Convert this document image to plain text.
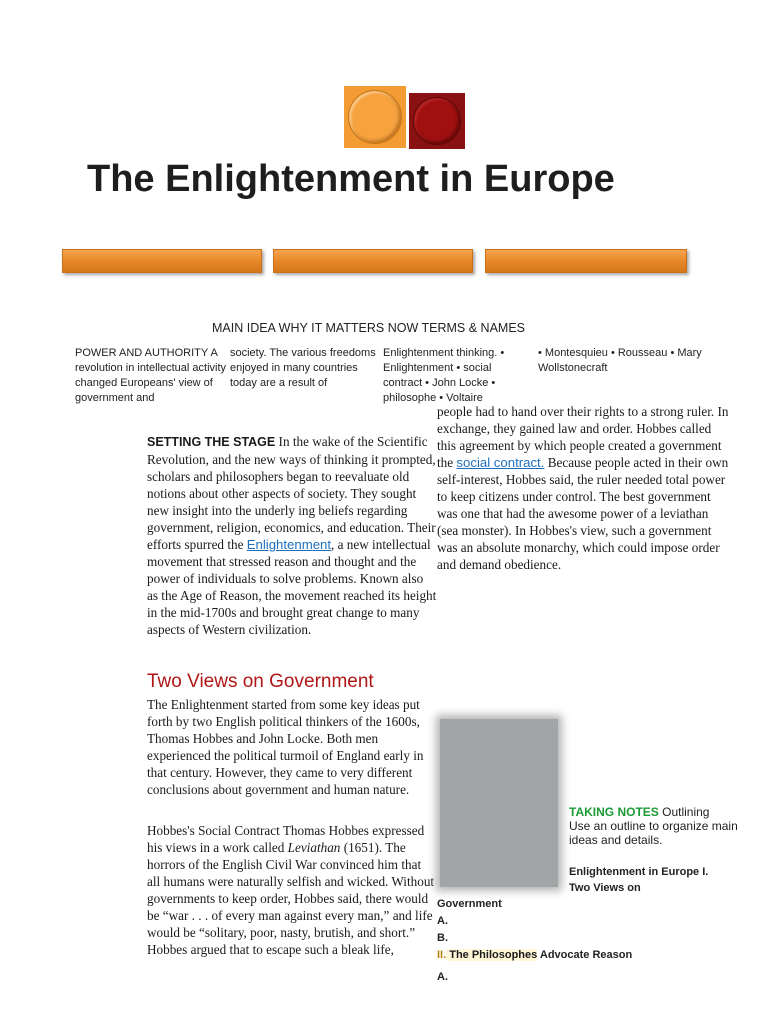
The Enlightenment in Europe
MAIN IDEA WHY IT MATTERS NOW TERMS & NAMES
POWER AND AUTHORITY A revolution in intellectual activity changed Europeans' view of government and
society. The various freedoms enjoyed in many countries today are a result of
Enlightenment thinking. • Enlightenment • social contract • John Locke • philosophe • Voltaire
• Montesquieu • Rousseau • Mary Wollstonecraft
SETTING THE STAGE In the wake of the Scientific Revolution, and the new ways of thinking it prompted, scholars and philosophers began to reevaluate old notions about other aspects of society. They sought new insight into the underly ing beliefs regarding government, religion, economics, and education. Their efforts spurred the Enlightenment, a new intellectual movement that stressed reason and thought and the power of individuals to solve problems. Known also as the Age of Reason, the movement reached its height in the mid-1700s and brought great change to many aspects of Western civilization.
Two Views on Government
The Enlightenment started from some key ideas put forth by two English political thinkers of the 1600s, Thomas Hobbes and John Locke. Both men experienced the political turmoil of England early in that century. However, they came to very different conclusions about government and human nature.
Hobbes's Social Contract Thomas Hobbes expressed his views in a work called Leviathan (1651). The horrors of the English Civil War convinced him that all humans were naturally selfish and wicked. Without governments to keep order, Hobbes said, there would be “war . . . of every man against every man,” and life would be “solitary, poor, nasty, brutish, and short.” Hobbes argued that to escape such a bleak life,
people had to hand over their rights to a strong ruler. In exchange, they gained law and order. Hobbes called this agreement by which people created a government the social contract. Because people acted in their own self-interest, Hobbes said, the ruler needed total power to keep citizens under control. The best government was one that had the awesome power of a leviathan (sea monster). In Hobbes's view, such a government was an absolute monarchy, which could impose order and demand obedience.
TAKING NOTES Outlining
Use an outline to organize main ideas and details.
Enlightenment in Europe I.
Two Views on
Government
A.
B.
II. The Philosophes Advocate Reason
A.
